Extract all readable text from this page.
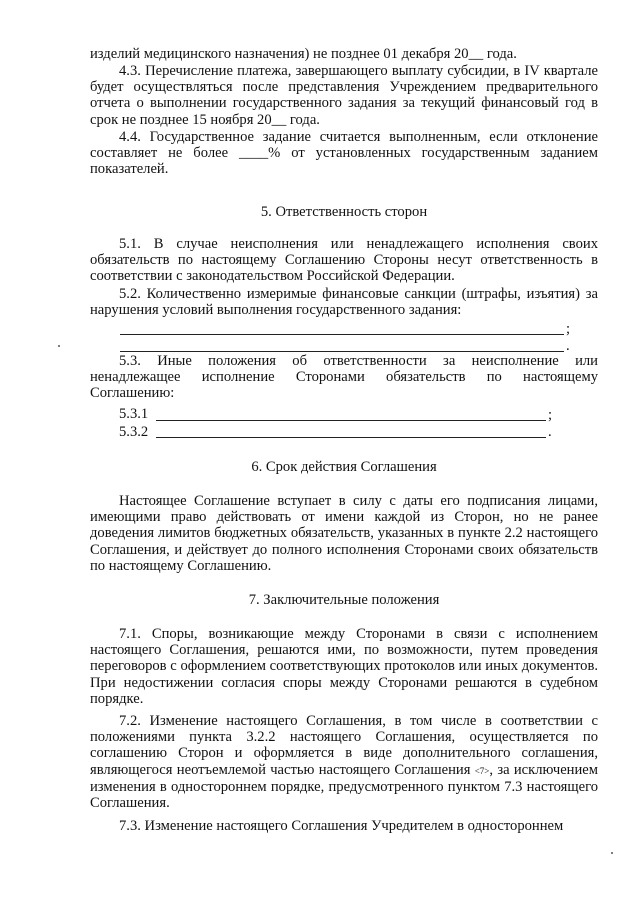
изделий медицинского назначения) не позднее 01 декабря 20__ года.
4.3. Перечисление платежа, завершающего выплату субсидии, в IV квартале будет осуществляться после представления Учреждением предварительного отчета о выполнении государственного задания за текущий финансовый год в срок не позднее 15 ноября 20__ года.
4.4. Государственное задание считается выполненным, если отклонение составляет не более ____% от установленных государственным заданием показателей.
5. Ответственность сторон
5.1. В случае неисполнения или ненадлежащего исполнения своих обязательств по настоящему Соглашению Стороны несут ответственность в соответствии с законодательством Российской Федерации.
5.2. Количественно измеримые финансовые санкции (штрафы, изъятия) за нарушения условий выполнения государственного задания:
;
.
5.3. Иные положения об ответственности за неисполнение или ненадлежащее исполнение Сторонами обязательств по настоящему Соглашению:
5.3.1	;
5.3.2	.
6. Срок действия Соглашения
Настоящее Соглашение вступает в силу с даты его подписания лицами, имеющими право действовать от имени каждой из Сторон, но не ранее доведения лимитов бюджетных обязательств, указанных в пункте 2.2 настоящего Соглашения, и действует до полного исполнения Сторонами своих обязательств по настоящему Соглашению.
7. Заключительные положения
7.1. Споры, возникающие между Сторонами в связи с исполнением настоящего Соглашения, решаются ими, по возможности, путем проведения переговоров с оформлением соответствующих протоколов или иных документов. При недостижении согласия споры между Сторонами решаются в судебном порядке.
7.2. Изменение настоящего Соглашения, в том числе в соответствии с положениями пункта 3.2.2 настоящего Соглашения, осуществляется по соглашению Сторон и оформляется в виде дополнительного соглашения, являющегося неотъемлемой частью настоящего Соглашения <7>, за исключением изменения в одностороннем порядке, предусмотренного пунктом 7.3 настоящего Соглашения.
7.3. Изменение настоящего Соглашения Учредителем в одностороннем
